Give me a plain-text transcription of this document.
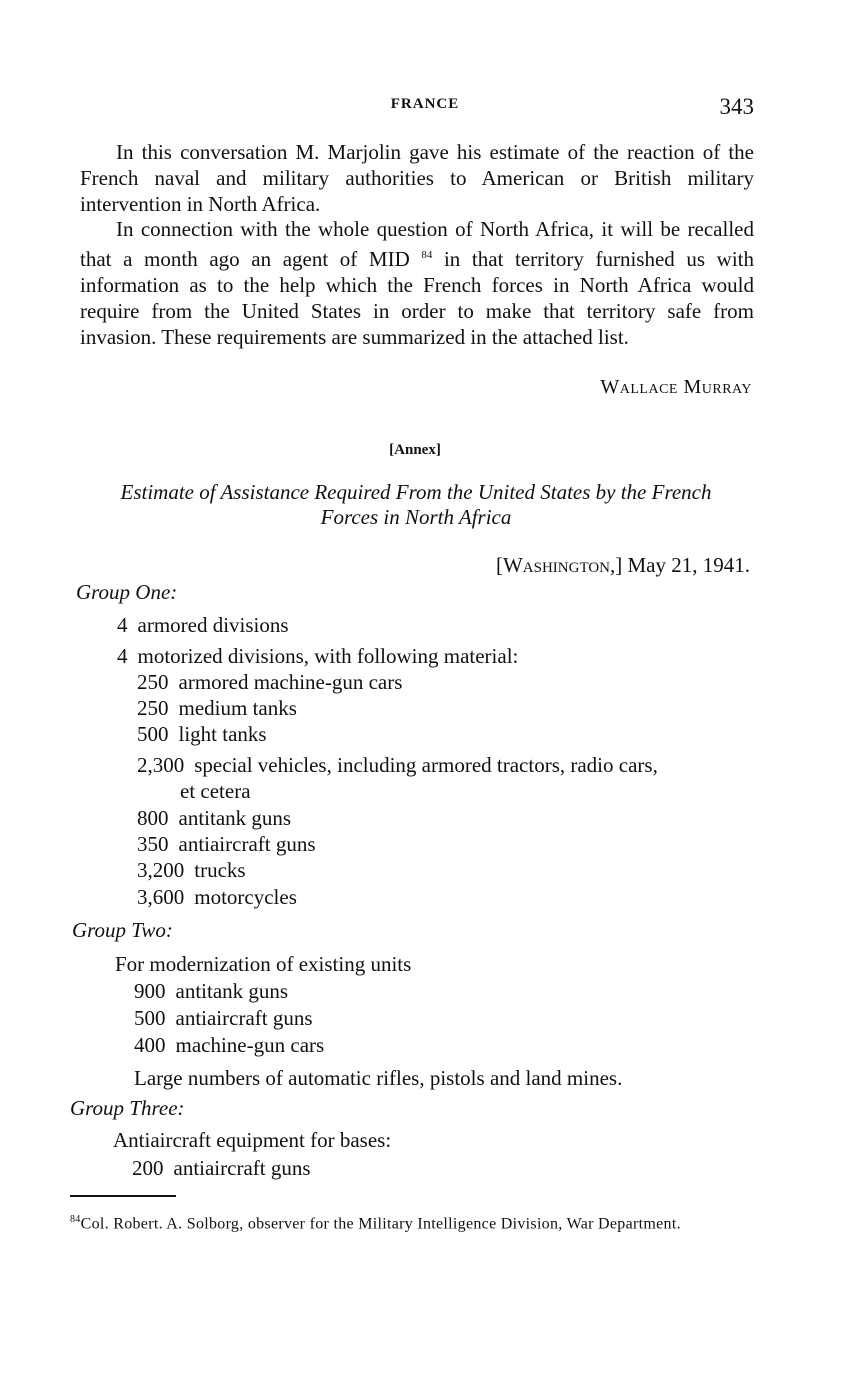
FRANCE	343

In this conversation M. Marjolin gave his estimate of the reaction of the French naval and military authorities to American or British military intervention in North Africa.

In connection with the whole question of North Africa, it will be recalled that a month ago an agent of MID $^{84}$ in that territory furnished us with information as to the help which the French forces in North Africa would require from the United States in order to make that territory safe from invasion. These requirements are summarized in the attached list.

Wallace Murray
[Annex]
Estimate of Assistance Required From the United States by the French
Forces in North Africa
[Washington,] May 21, 1941.
Group One:
4 armored divisions
4 motorized divisions, with following material:
250 armored machine-gun cars
250 medium tanks
500 light tanks
2,300 special vehicles, including armored tractors, radio cars,
et cetera
800 antitank guns
350 antiaircraft guns
3,200 trucks
3,600 motorcycles
Group Two:
For modernization of existing units
900 antitank guns
500 antiaircraft guns
400 machine-gun cars
Large numbers of automatic rifles, pistols and land mines.
Group Three:
Antiaircraft equipment for bases:
200 antiaircraft guns
$^{84}$Col. Robert. A. Solborg, observer for the Military Intelligence Division, War Department.
